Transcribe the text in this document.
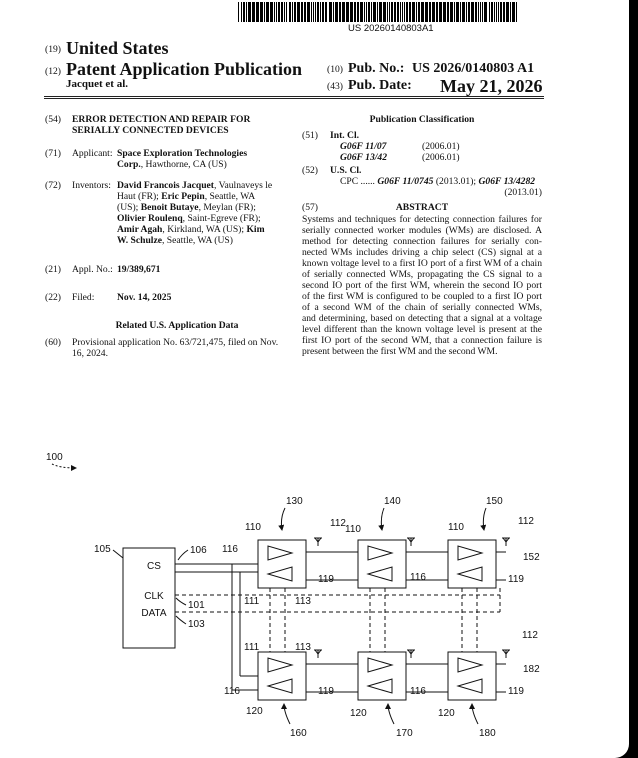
US 20260140803A1
(19) United States
(12) Patent Application Publication
Jacquet et al.
(10) Pub. No.: US 2026/0140803 A1
(43) Pub. Date: May 21, 2026
(54) ERROR DETECTION AND REPAIR FOR
SERIALLY CONNECTED DEVICES
(71) Applicant: Space Exploration Technologies
Corp., Hawthorne, CA (US)
(72) Inventors: David Francois Jacquet, Vaulnaveys le
Haut (FR); Eric Pepin, Seattle, WA
(US); Benoit Butaye, Meylan (FR);
Olivier Roulenq, Saint-Egreve (FR);
Amir Agah, Kirkland, WA (US); Kim
W. Schulze, Seattle, WA (US)
(21) Appl. No.: 19/389,671
(22) Filed: Nov. 14, 2025
Related U.S. Application Data
(60) Provisional application No. 63/721,475, filed on Nov.
16, 2024.
Publication Classification
(51) Int. Cl.
G06F 11/07	(2006.01)
G06F 13/42	(2006.01)
(52) U.S. Cl.
CPC ...... G06F 11/0745 (2013.01); G06F 13/4282
(2013.01)
(57)	ABSTRACT
Systems and techniques for detecting connection failures for
serially connected worker modules (WMs) are disclosed. A
method for detecting connection failures for serially con-
nected WMs includes driving a chip select (CS) signal at a
known voltage level to a first IO port of a first WM of a chain
of serially connected WMs, propagating the CS signal to a
second IO port of the first WM, wherein the second IO port
of the first WM is configured to be coupled to a first IO port
of a second WM of the chain of serially connected WMs,
and determining, based on detecting that a signal at a voltage
level different than the known voltage level is present at the
first IO port of the second WM, that a connection failure is
present between the first WM and the second WM.
100
CS
CLK
DATA
105	106
101
103
116
116
116
116
119	119
119	119
110	110	110
120	120	120
112	112
112
111	113
111	113
152
182
130	140	150
160	170	180
